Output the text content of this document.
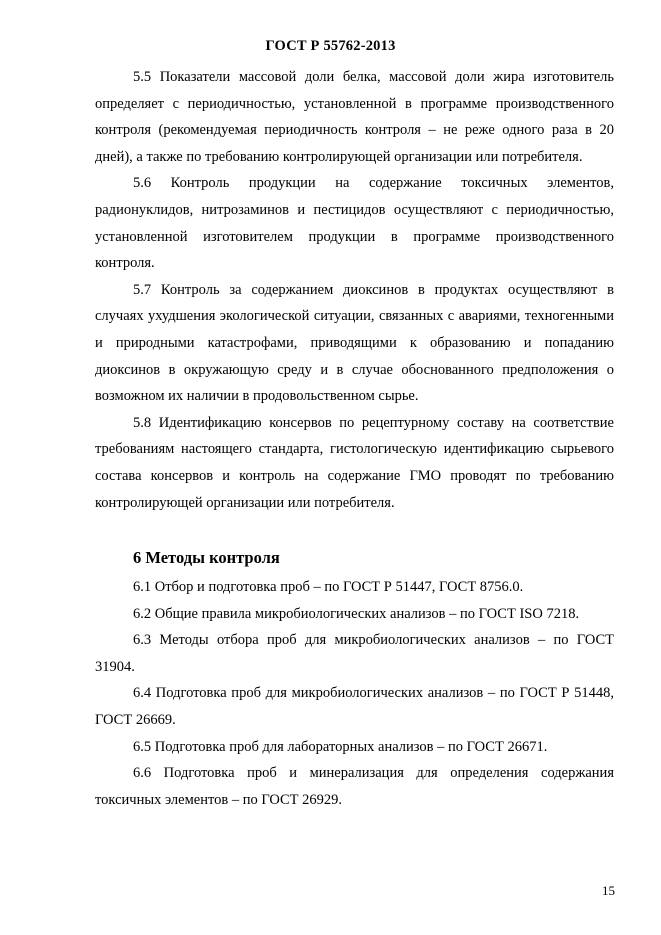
ГОСТ Р 55762-2013

5.5 Показатели массовой доли белка, массовой доли жира изготовитель определяет с периодичностью, установленной в программе производственного контроля (рекомендуемая периодичность контроля – не реже одного раза в 20 дней), а также по требованию контролирующей организации или потребителя.

5.6 Контроль продукции на содержание токсичных элементов, радионуклидов, нитрозаминов и пестицидов осуществляют с периодичностью, установленной изготовителем продукции в программе производственного контроля.

5.7 Контроль за содержанием диоксинов в продуктах осуществляют в случаях ухудшения экологической ситуации, связанных с авариями, техногенными и природными катастрофами, приводящими к образованию и попаданию диоксинов в окружающую среду и в случае обоснованного предположения о возможном их наличии в продовольственном сырье.

5.8 Идентификацию консервов по рецептурному составу на соответствие требованиям настоящего стандарта, гистологическую идентификацию сырьевого состава консервов и контроль на содержание ГМО проводят по требованию контролирующей организации или потребителя.

6 Методы контроля

6.1 Отбор и подготовка проб – по ГОСТ Р 51447, ГОСТ 8756.0.

6.2 Общие правила микробиологических анализов – по ГОСТ ISO 7218.

6.3 Методы отбора проб для микробиологических анализов – по ГОСТ 31904.

6.4 Подготовка проб для микробиологических анализов – по ГОСТ Р 51448, ГОСТ 26669.

6.5 Подготовка проб для лабораторных анализов – по ГОСТ 26671.

6.6 Подготовка проб и минерализация для определения содержания токсичных элементов – по ГОСТ 26929.

15
